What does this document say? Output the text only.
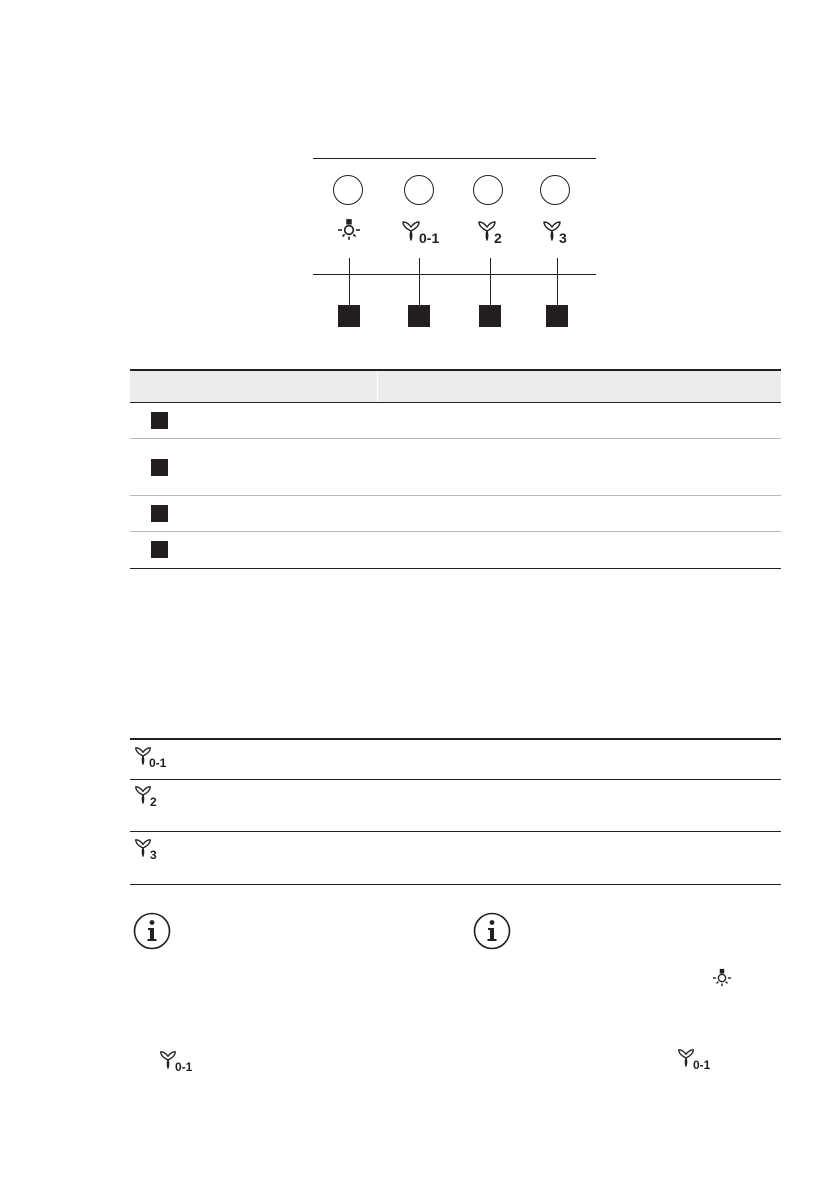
0-1	2	3
0-1
2
3
0-1	0-1
